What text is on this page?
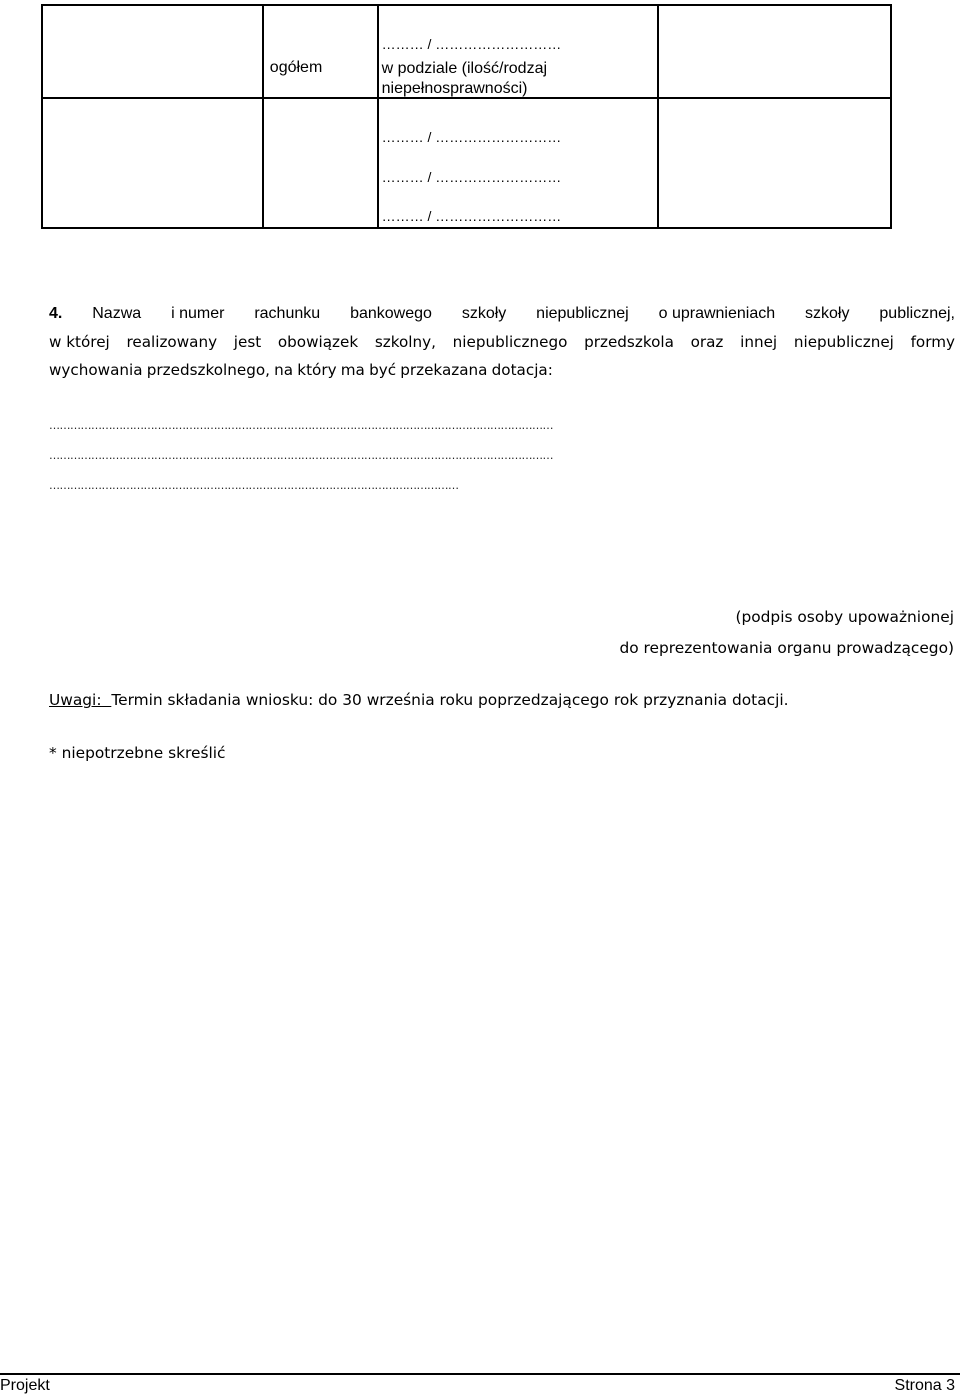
	ogółem	……… / ………………………
w podziale (ilość/rodzaj
niepełnosprawności)	

		……… / ………………………
……… / ………………………
……… / ………………………	

4. Nazwa i numer rachunku bankowego szkoły niepublicznej o uprawnieniach szkoły publicznej,
w której realizowany jest obowiązek szkolny, niepublicznego przedszkola oraz innej niepublicznej formy
wychowania przedszkolnego, na który ma być przekazana dotacja:
………………………………………………………………………………………………………………………………
………………………………………………………………………………………………………………………………
………………………………………………………………………………………………………
(podpis osoby upoważnionej
do reprezentowania organu prowadzącego)
Uwagi: Termin składania wniosku: do 30 września roku poprzedzającego rok przyznania dotacji.
* niepotrzebne skreślić
Projekt	Strona 3
